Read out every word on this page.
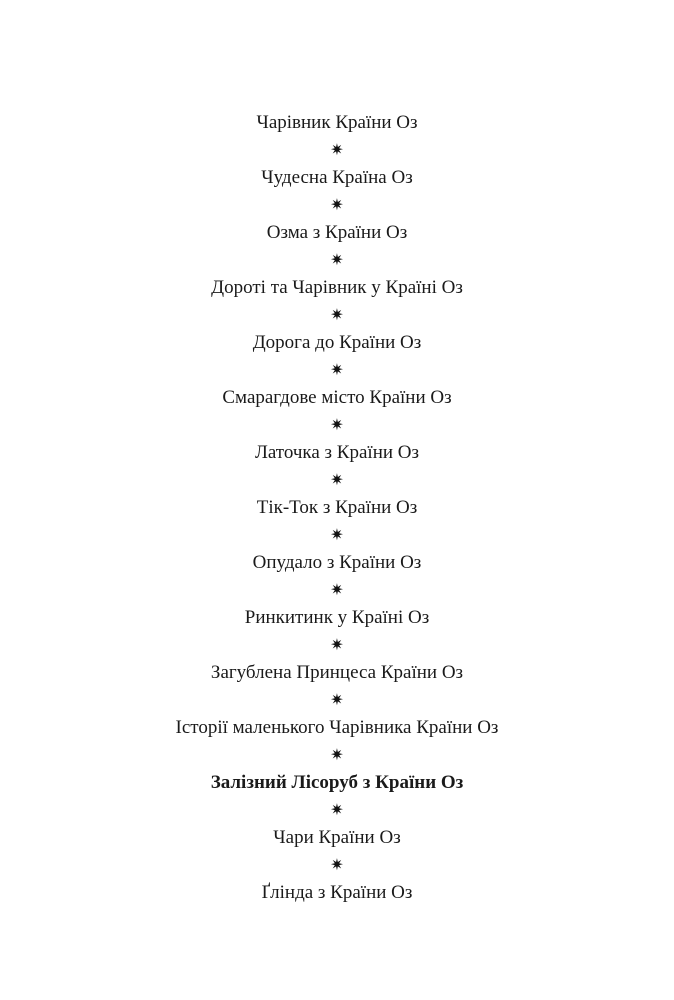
Чарівник Країни Оз
✷
Чудесна Країна Оз
✷
Озма з Країни Оз
✷
Дороті та Чарівник у Країні Оз
✷
Дорога до Країни Оз
✷
Смарагдове місто Країни Оз
✷
Латочка з Країни Оз
✷
Тік-Ток з Країни Оз
✷
Опудало з Країни Оз
✷
Ринкитинк у Країні Оз
✷
Загублена Принцеса Країни Оз
✷
Історії маленького Чарівника Країни Оз
✷
Залізний Лісоруб з Країни Оз
✷
Чари Країни Оз
✷
Ґлінда з Країни Оз
